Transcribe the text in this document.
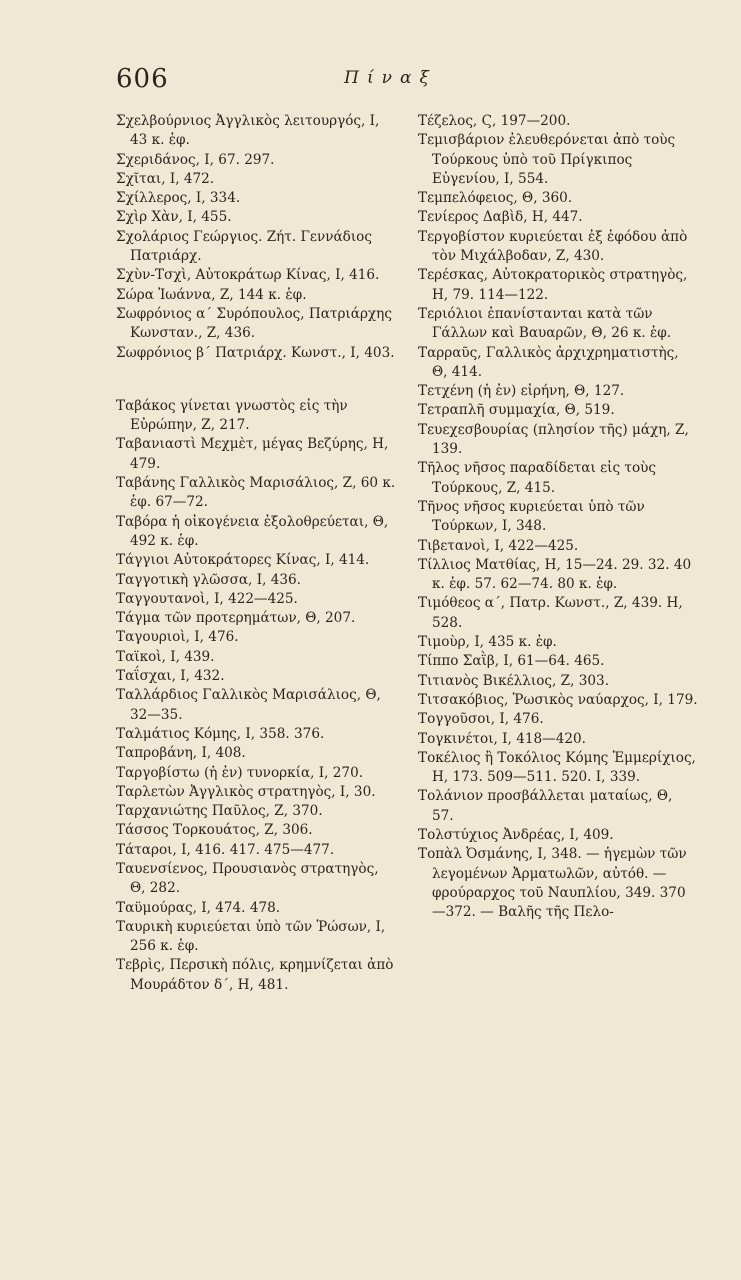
606	Πίναξ
Σχελβούρνιος Ἀγγλικὸς λειτουργός, Ι, 43 κ. ἑφ.
Σχεριδάνος, Ι, 67. 297.
Σχῖται, Ι, 472.
Σχίλλερος, Ι, 334.
Σχὶρ Χὰν, Ι, 455.
Σχολάριος Γεώργιος. Ζήτ. Γεννάδιος Πατριάρχ.
Σχὺν-Τσχὶ, Αὐτοκράτωρ Κίνας, Ι, 416.
Σώρα Ἰωάννα, Ζ, 144 κ. ἑφ.
Σωφρόνιος α΄ Συρόπουλος, Πατριάρχης Κωνσταν., Ζ, 436.
Σωφρόνιος β΄ Πατριάρχ. Κωνστ., Ι, 403.
Ταβάκος γίνεται γνωστὸς εἰς τὴν Εὐρώπην, Ζ, 217.
Ταβανιαστὶ Μεχμὲτ, μέγας Βεζύρης, Η, 479.
Ταβάνης Γαλλικὸς Μαρισάλιος, Ζ, 60 κ. ἑφ. 67—72.
Ταβόρα ἡ οἰκογένεια ἐξολοθρεύεται, Θ, 492 κ. ἑφ.
Τάγγιοι Αὐτοκράτορες Κίνας, Ι, 414.
Ταγγοτικὴ γλῶσσα, Ι, 436.
Ταγγουτανοὶ, Ι, 422—425.
Τάγμα τῶν προτερημάτων, Θ, 207.
Ταγουριοὶ, Ι, 476.
Ταϊκοὶ, Ι, 439.
Ταΐσχαι, Ι, 432.
Ταλλάρδιος Γαλλικὸς Μαρισάλιος, Θ, 32—35.
Ταλμάτιος Κόμης, Ι, 358. 376.
Ταπροβάνη, Ι, 408.
Ταργοβίστω (ἡ ἐν) τυνορκία, Ι, 270.
Ταρλετὼν Ἀγγλικὸς στρατηγὸς, Ι, 30.
Ταρχανιώτης Παῦλος, Ζ, 370.
Τάσσος Τορκουάτος, Ζ, 306.
Τάταροι, Ι, 416. 417. 475—477.
Ταυενσίενος, Προυσιανὸς στρατηγὸς, Θ, 282.
Ταϋμούρας, Ι, 474. 478.
Ταυρικὴ κυριεύεται ὑπὸ τῶν Ῥώσων, Ι, 256 κ. ἑφ.
Τεβρὶς, Περσικὴ πόλις, κρημνίζεται ἀπὸ Μουράδτον δ΄, Η, 481.
Τέζελος, Ϛ, 197—200.
Τεμισβάριον ἐλευθερόνεται ἀπὸ τοὺς Τούρκους ὑπὸ τοῦ Πρίγκιπος Εὐγενίου, Ι, 554.
Τεμπελόφειος, Θ, 360.
Τενίερος Δαβὶδ, Η, 447.
Τεργοβίστον κυριεύεται ἐξ ἐφόδου ἀπὸ τὸν Μιχάλβοδαν, Ζ, 430.
Τερέσκας, Αὐτοκρατορικὸς στρατηγὸς, Η, 79. 114—122.
Τεριόλιοι ἐπανίστανται κατὰ τῶν Γάλλων καὶ Βαυαρῶν, Θ, 26 κ. ἑφ.
Ταρραῦς, Γαλλικὸς ἀρχιχρηματιστὴς, Θ, 414.
Τετχένη (ἡ ἐν) εἰρήνη, Θ, 127.
Τετραπλῆ συμμαχία, Θ, 519.
Τευεχεσβουρίας (πλησίον τῆς) μάχη, Ζ, 139.
Τῆλος νῆσος παραδίδεται εἰς τοὺς Τούρκους, Ζ, 415.
Τῆνος νῆσος κυριεύεται ὑπὸ τῶν Τούρκων, Ι, 348.
Τιβετανοὶ, Ι, 422—425.
Τίλλιος Ματθίας, Η, 15—24. 29. 32. 40 κ. ἑφ. 57. 62—74. 80 κ. ἑφ.
Τιμόθεος α΄, Πατρ. Κωνστ., Ζ, 439. Η, 528.
Τιμοὺρ, Ι, 435 κ. ἑφ.
Τίππο Σαῒβ, Ι, 61—64. 465.
Τιτιανὸς Βικέλλιος, Ζ, 303.
Τιτσακόβιος, Ῥωσικὸς ναύαρχος, Ι, 179.
Τογγοῦσοι, Ι, 476.
Τογκινέτοι, Ι, 418—420.
Τοκέλιος ἢ Τοκόλιος Κόμης Ἐμμερίχιος, Η, 173. 509—511. 520. Ι, 339.
Τολάνιον προσβάλλεται ματαίως, Θ, 57.
Τολστύχιος Ἀνδρέας, Ι, 409.
Τοπὰλ Ὀσμάνης, Ι, 348. — ἡγεμὼν τῶν λεγομένων Ἀρματωλῶν, αὐτόθ. — φρούραρχος τοῦ Ναυπλίου, 349. 370 —372. — Βαλῆς τῆς Πελο-
